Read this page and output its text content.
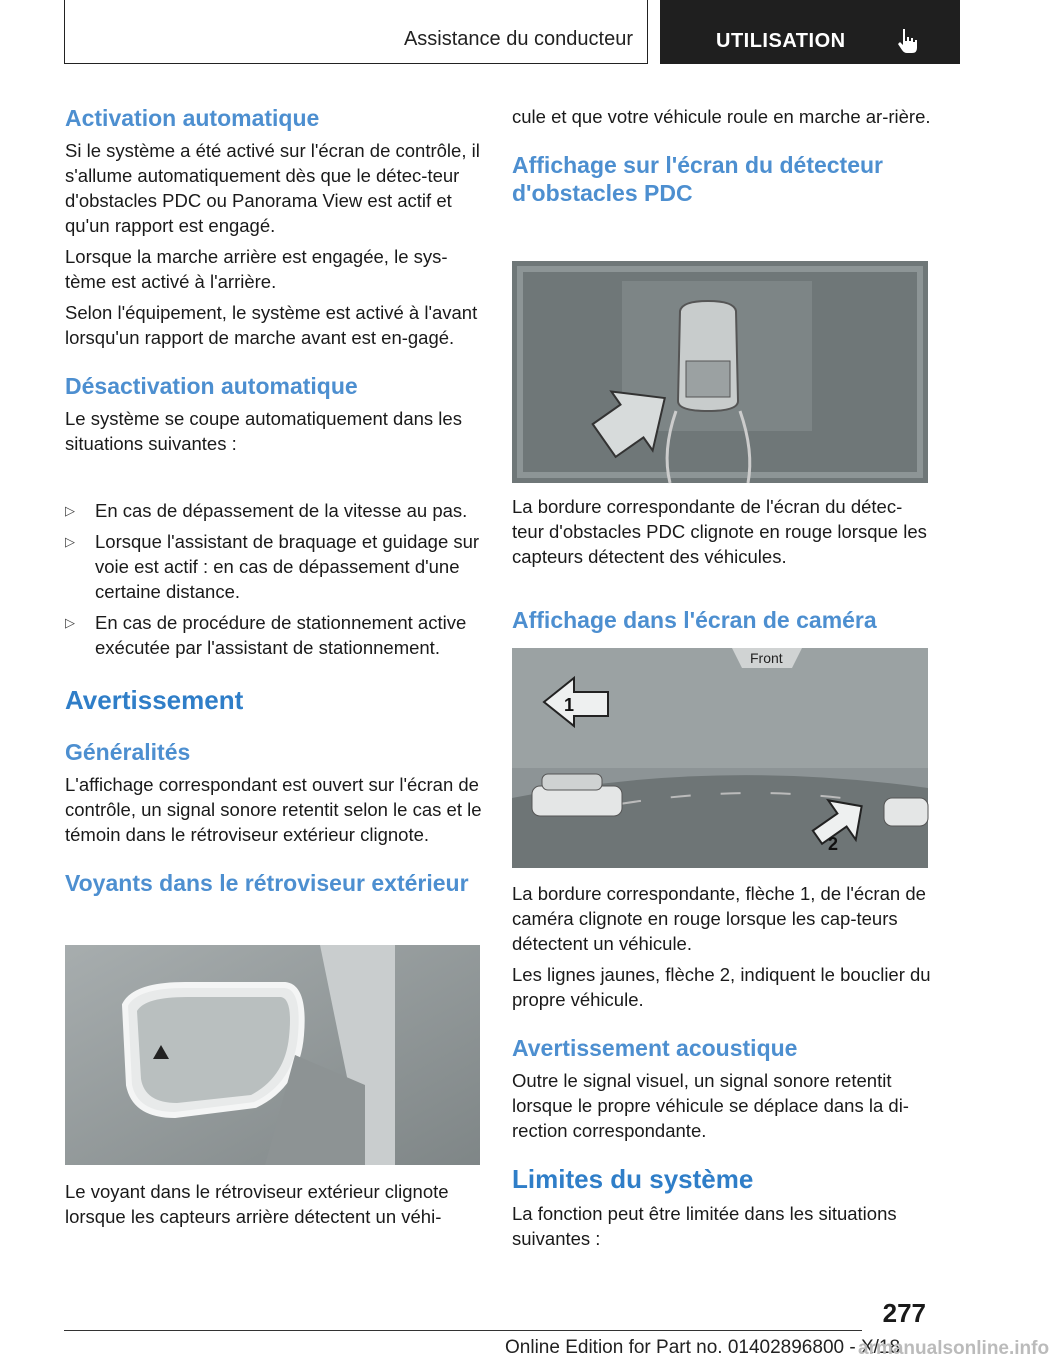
Assistance du conducteur	UTILISATION

Activation automatique

Si le système a été activé sur l'écran de contrôle, il s'allume automatiquement dès que le détec-teur d'obstacles PDC ou Panorama View est actif et qu'un rapport est engagé.

Lorsque la marche arrière est engagée, le sys-tème est activé à l'arrière.

Selon l'équipement, le système est activé à l'avant lorsqu'un rapport de marche avant est en-gagé.

Désactivation automatique

Le système se coupe automatiquement dans les situations suivantes :

▷	En cas de dépassement de la vitesse au pas.
▷	Lorsque l'assistant de braquage et guidage sur voie est actif : en cas de dépassement d'une certaine distance.
▷	En cas de procédure de stationnement active exécutée par l'assistant de stationnement.

Avertissement

Généralités

L'affichage correspondant est ouvert sur l'écran de contrôle, un signal sonore retentit selon le cas et le témoin dans le rétroviseur extérieur clignote.

Voyants dans le rétroviseur extérieur

Le voyant dans le rétroviseur extérieur clignote lorsque les capteurs arrière détectent un véhi-

cule et que votre véhicule roule en marche ar-rière.

Affichage sur l'écran du détecteur d'obstacles PDC

La bordure correspondante de l'écran du détec-teur d'obstacles PDC clignote en rouge lorsque les capteurs détectent des véhicules.

Affichage dans l'écran de caméra

Front
1
2

La bordure correspondante, flèche 1, de l'écran de caméra clignote en rouge lorsque les cap-teurs détectent un véhicule.

Les lignes jaunes, flèche 2, indiquent le bouclier du propre véhicule.

Avertissement acoustique

Outre le signal visuel, un signal sonore retentit lorsque le propre véhicule se déplace dans la di-rection correspondante.

Limites du système

La fonction peut être limitée dans les situations suivantes :

277
Online Edition for Part no. 01402896800 - X/18
armanualsonline.info
